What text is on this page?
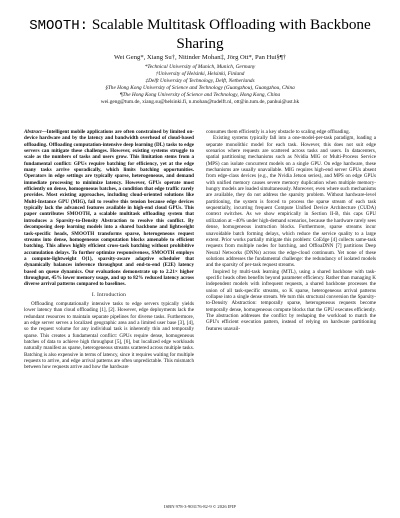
SMOOTH: Scalable Multitask Offloading with Backbone Sharing
Wei Geng*, Xiang Su†, Nitinder Mohan‡, Jörg Ott*, Pan Hui§¶†
*Technical University of Munich, Munich, Germany
†University of Helsinki, Helsinki, Finland
‡Delft University of Technology, Delft, Netherlands
§The Hong Kong University of Science and Technology (Guangzhou), Guangzhou, China
¶The Hong Kong University of Science and Technology, Hong Kong, China
wei.geng@tum.de, xiang.su@helsinki.fi, n.mohan@tudelft.nl, ott@in.tum.de, panhui@ust.hk

Abstract—Intelligent mobile applications are often constrained by limited on-device hardware and by the latency and bandwidth overhead of cloud-based offloading. Offloading computation-intensive deep learning (DL) tasks to edge servers can mitigate these challenges. However, existing systems struggle to scale as the numbers of tasks and users grow. This limitation stems from a fundamental conflict: GPUs require batching for efficiency, yet at the edge many tasks arrive sporadically, which limits batching opportunities. Operators in edge settings are typically sparse, heterogeneous, and demand immediate processing to minimize latency. However, GPUs operate most efficiently on dense, homogeneous batches, a condition that edge traffic rarely provides. Most existing approaches, including cloud-oriented solutions like Multi-Instance GPU (MIG), fail to resolve this tension because edge devices typically lack the advanced features available in high-end cloud GPUs. This paper contributes SMOOTH, a scalable multitask offloading system that introduces a Sparsity-to-Density Abstraction to resolve this conflict. By decomposing deep learning models into a shared backbone and lightweight task-specific heads, SMOOTH transforms sparse, heterogeneous request streams into dense, homogeneous computation blocks amenable to efficient batching. This allows highly efficient cross-task batching without prohibitive accumulation delays. To further optimize responsiveness, SMOOTH employs a compute-lightweight O(1), sparsity-aware adaptive scheduler that dynamically balances inference throughput and end-to-end (E2E) latency based on queue dynamics. Our evaluations demonstrate up to 2.21× higher throughput, 45% lower memory usage, and up to 82% reduced latency across diverse arrival patterns compared to baselines.

I. Introduction

Offloading computationally intensive tasks to edge servers typically yields lower latency than cloud offloading [1], [2]. However, edge deployments lack the redundant resources to maintain separate pipelines for diverse tasks. Furthermore, an edge server serves a localized geographic area and a limited user base [3], [4], so the request volume for any individual task is inherently thin and temporally sparse. This creates a fundamental conflict: GPUs require dense, homogeneous batches of data to achieve high throughput [5], [6], but localized edge workloads naturally manifest as sparse, heterogeneous streams scattered across multiple tasks. Batching is also expensive in terms of latency, since it requires waiting for multiple requests to arrive, and edge arrival patterns are often unpredictable. This mismatch between how requests arrive and how the hardware

consumes them efficiently is a key obstacle to scaling edge offloading.

Existing systems typically fall into a one-model-per-task paradigm, loading a separate monolithic model for each task. However, this does not suit edge scenarios where requests are scattered across tasks and users. In datacenters, spatial partitioning mechanisms such as Nvidia MIG or Multi-Process Service (MPS) can isolate concurrent models on a single GPU. On edge hardware, these mechanisms are usually unavailable. MIG requires high-end server GPUs absent from edge-class devices (e.g., the Nvidia Jetson series), and MPS on edge GPUs with unified memory causes severe memory duplication when multiple memory-hungry models are loaded simultaneously. Moreover, even where such mechanisms are available, they do not address the sparsity problem. Without hardware-level partitioning, the system is forced to process the sparse stream of each task sequentially, incurring frequent Compute Unified Device Architecture (CUDA) context switches. As we show empirically in Section II-B, this caps GPU utilization at ~40% under high-demand scenarios, because the hardware rarely sees dense, homogeneous instruction blocks. Furthermore, sparse streams incur unavoidable batch forming delays, which reduce the service quality to a large extent. Prior works partially mitigate this problem: CoEdge [4] collects same-task requests from multiple nodes for batching, and OffloaDNN [7] partitions Deep Neural Networks (DNNs) across the edge-cloud continuum. Yet none of these solutions addresses the fundamental challenge: the redundancy of isolated models and the sparsity of per-task request streams.

Inspired by multi-task learning (MTL), using a shared backbone with task-specific heads often benefits beyond parameter efficiency. Rather than managing K independent models with infrequent requests, a shared backbone processes the union of all task-specific streams, so K sparse, heterogeneous arrival patterns collapse into a single dense stream. We turn this structural conversion the Sparsity-to-Density Abstraction: temporally sparse, heterogeneous requests become temporally dense, homogeneous compute blocks that the GPU executes efficiently. The abstraction addresses the conflict by reshaping the workload to match the GPU's efficient execution pattern, instead of relying on hardware partitioning features unavail-

ISBN 978-3-903176-82-9 © 2026 IFIP
